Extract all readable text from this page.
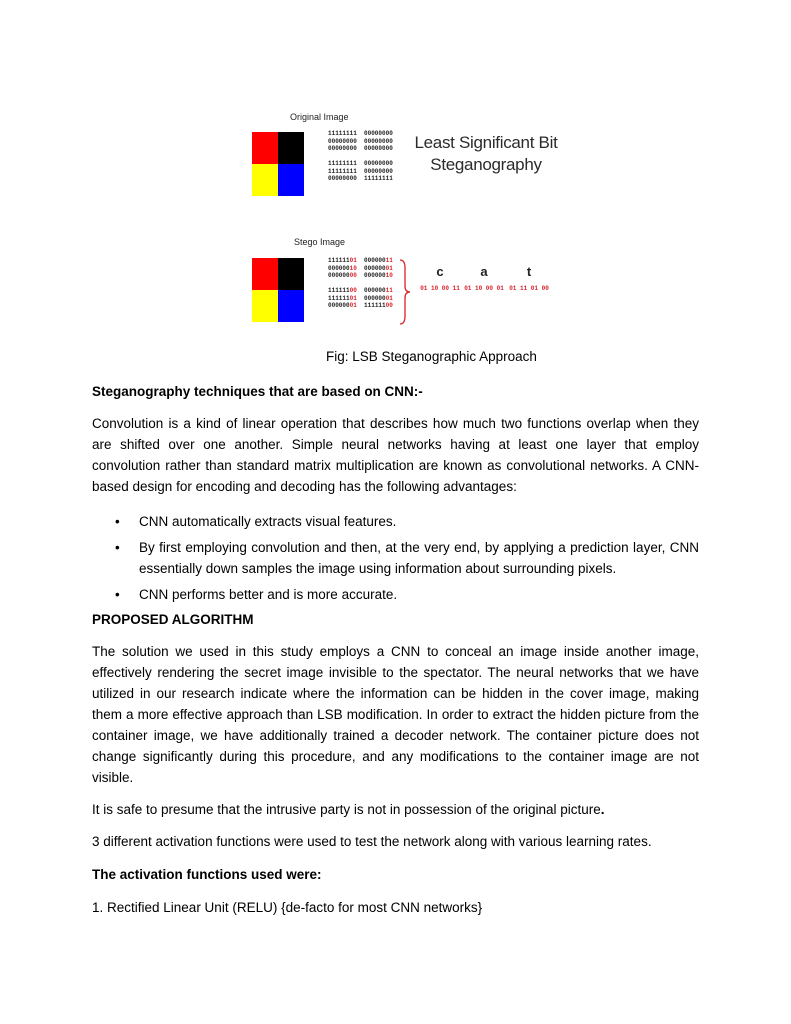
Original Image
11111111  00000000
00000000  00000000
00000000  00000000

11111111  00000000
11111111  00000000
00000000  11111111
Least Significant Bit
Steganography
Stego Image
11111101  00000011
00000010  00000001
00000000  00000010

11111100  00000011
11111101  00000001
00000001  11111100
c	a	t
01 10 00 11 01 10 00 01 01 11 01 00
Fig: LSB Steganographic Approach
Steganography techniques that are based on CNN:-
Convolution is a kind of linear operation that describes how much two functions overlap when they are shifted over one another. Simple neural networks having at least one layer that employ convolution rather than standard matrix multiplication are known as convolutional networks. A CNN-based design for encoding and decoding has the following advantages:
• CNN automatically extracts visual features.
• By first employing convolution and then, at the very end, by applying a prediction layer, CNN essentially down samples the image using information about surrounding pixels.
• CNN performs better and is more accurate.
PROPOSED ALGORITHM
The solution we used in this study employs a CNN to conceal an image inside another image, effectively rendering the secret image invisible to the spectator. The neural networks that we have utilized in our research indicate where the information can be hidden in the cover image, making them a more effective approach than LSB modification. In order to extract the hidden picture from the container image, we have additionally trained a decoder network. The container picture does not change significantly during this procedure, and any modifications to the container image are not visible.
It is safe to presume that the intrusive party is not in possession of the original picture.
3 different activation functions were used to test the network along with various learning rates.
The activation functions used were:
1. Rectified Linear Unit (RELU) {de-facto for most CNN networks}
